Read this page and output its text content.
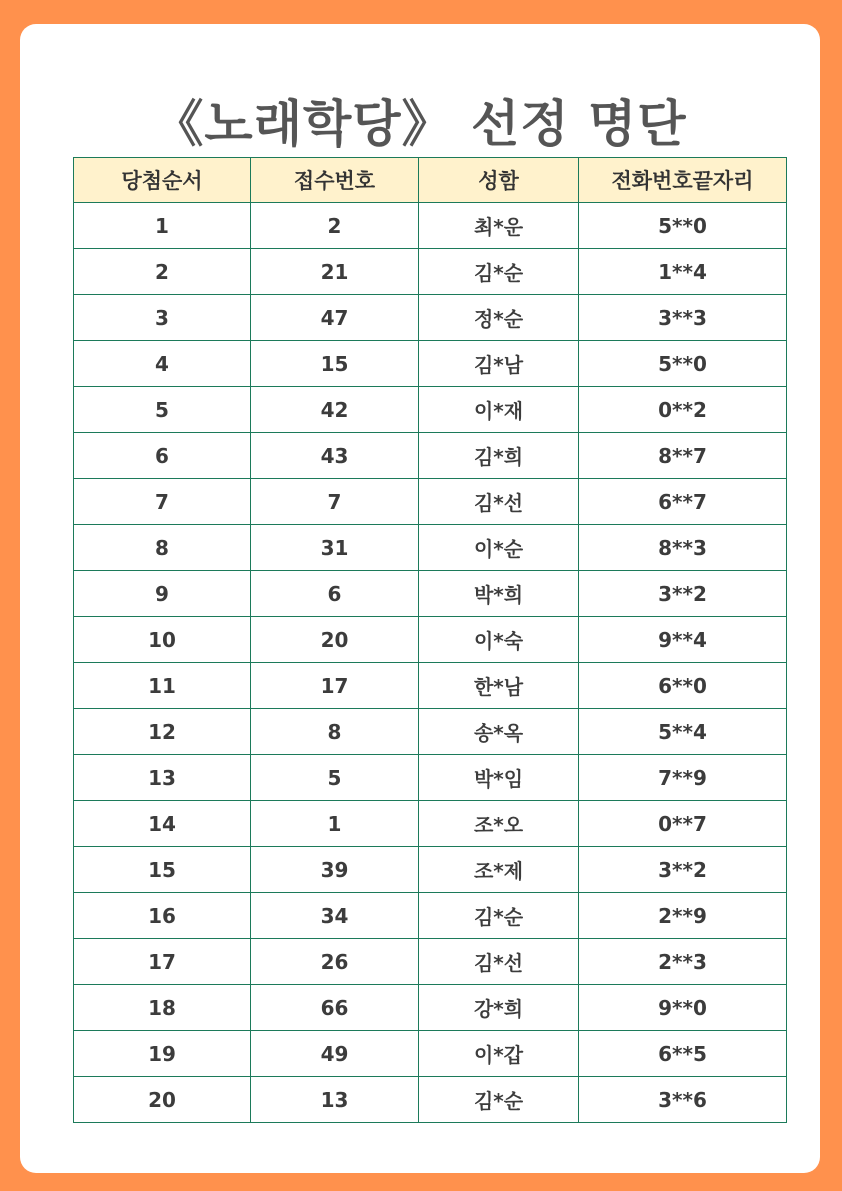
《노래학당》 선정 명단
당첨순서	접수번호	성함	전화번호끝자리
1	2	최*운	5**0
2	21	김*순	1**4
3	47	정*순	3**3
4	15	김*남	5**0
5	42	이*재	0**2
6	43	김*희	8**7
7	7	김*선	6**7
8	31	이*순	8**3
9	6	박*희	3**2
10	20	이*숙	9**4
11	17	한*남	6**0
12	8	송*옥	5**4
13	5	박*임	7**9
14	1	조*오	0**7
15	39	조*제	3**2
16	34	김*순	2**9
17	26	김*선	2**3
18	66	강*희	9**0
19	49	이*갑	6**5
20	13	김*순	3**6
